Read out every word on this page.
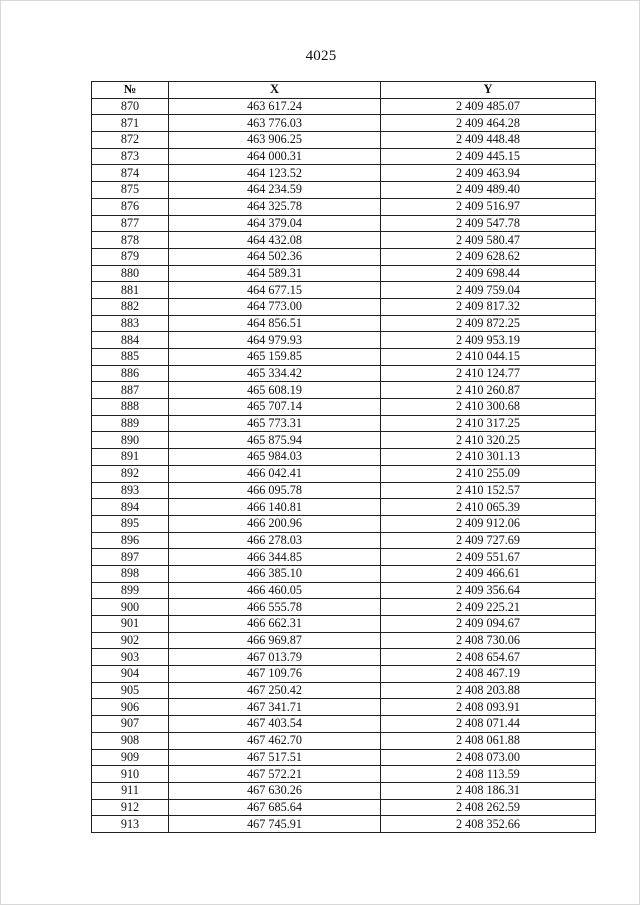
4025
№	X	Y
870	463 617.24	2 409 485.07
871	463 776.03	2 409 464.28
872	463 906.25	2 409 448.48
873	464 000.31	2 409 445.15
874	464 123.52	2 409 463.94
875	464 234.59	2 409 489.40
876	464 325.78	2 409 516.97
877	464 379.04	2 409 547.78
878	464 432.08	2 409 580.47
879	464 502.36	2 409 628.62
880	464 589.31	2 409 698.44
881	464 677.15	2 409 759.04
882	464 773.00	2 409 817.32
883	464 856.51	2 409 872.25
884	464 979.93	2 409 953.19
885	465 159.85	2 410 044.15
886	465 334.42	2 410 124.77
887	465 608.19	2 410 260.87
888	465 707.14	2 410 300.68
889	465 773.31	2 410 317.25
890	465 875.94	2 410 320.25
891	465 984.03	2 410 301.13
892	466 042.41	2 410 255.09
893	466 095.78	2 410 152.57
894	466 140.81	2 410 065.39
895	466 200.96	2 409 912.06
896	466 278.03	2 409 727.69
897	466 344.85	2 409 551.67
898	466 385.10	2 409 466.61
899	466 460.05	2 409 356.64
900	466 555.78	2 409 225.21
901	466 662.31	2 409 094.67
902	466 969.87	2 408 730.06
903	467 013.79	2 408 654.67
904	467 109.76	2 408 467.19
905	467 250.42	2 408 203.88
906	467 341.71	2 408 093.91
907	467 403.54	2 408 071.44
908	467 462.70	2 408 061.88
909	467 517.51	2 408 073.00
910	467 572.21	2 408 113.59
911	467 630.26	2 408 186.31
912	467 685.64	2 408 262.59
913	467 745.91	2 408 352.66
